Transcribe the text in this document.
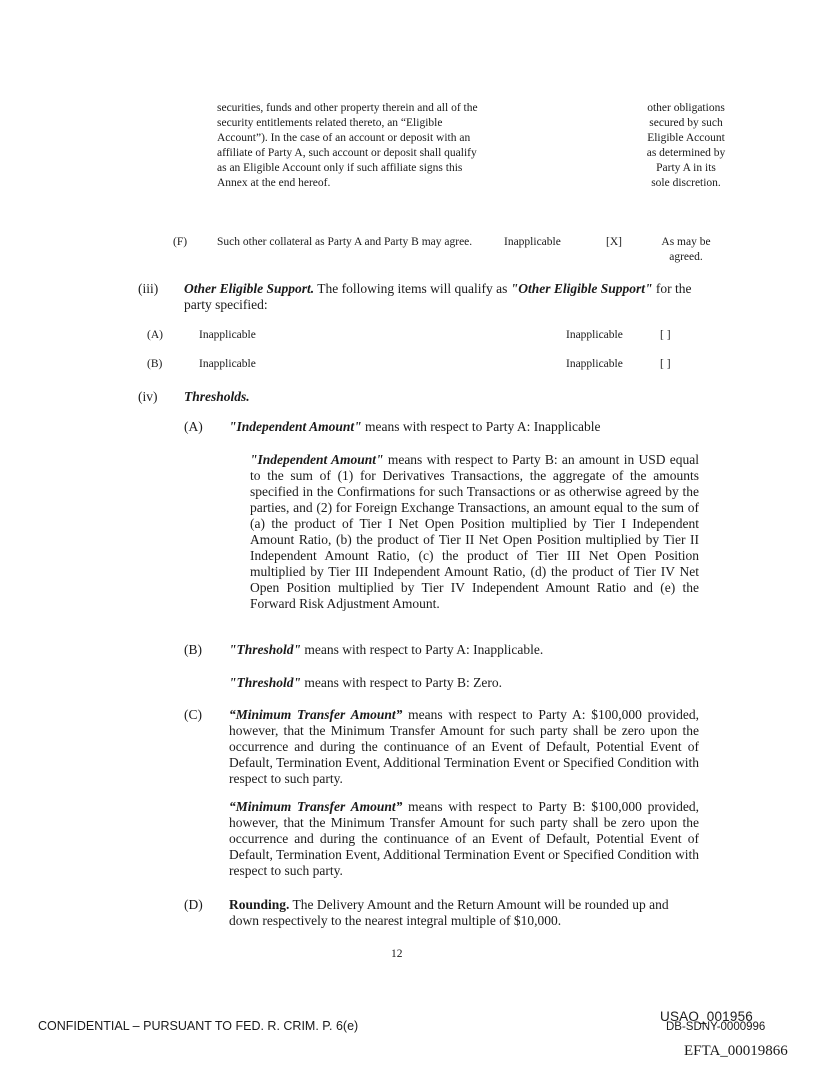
securities, funds and other property therein and all of the security entitlements related thereto, an “Eligible Account”). In the case of an account or deposit with an affiliate of Party A, such account or deposit shall qualify as an Eligible Account only if such affiliate signs this Annex at the end hereof.
other obligations secured by such Eligible Account as determined by Party A in its sole discretion.
(F)	Such other collateral as Party A and Party B may agree.	Inapplicable	[X]	As may be agreed.
(iii) Other Eligible Support. The following items will qualify as "Other Eligible Support" for the party specified:
(A)	Inapplicable	Inapplicable	[ ]
(B)	Inapplicable	Inapplicable	[ ]
(iv) Thresholds.
(A) "Independent Amount" means with respect to Party A: Inapplicable
"Independent Amount" means with respect to Party B: an amount in USD equal to the sum of (1) for Derivatives Transactions, the aggregate of the amounts specified in the Confirmations for such Transactions or as otherwise agreed by the parties, and (2) for Foreign Exchange Transactions, an amount equal to the sum of (a) the product of Tier I Net Open Position multiplied by Tier I Independent Amount Ratio, (b) the product of Tier II Net Open Position multiplied by Tier II Independent Amount Ratio, (c) the product of Tier III Net Open Position multiplied by Tier III Independent Amount Ratio, (d) the product of Tier IV Net Open Position multiplied by Tier IV Independent Amount Ratio and (e) the Forward Risk Adjustment Amount.
(B) "Threshold" means with respect to Party A: Inapplicable.
"Threshold" means with respect to Party B: Zero.
(C) “Minimum Transfer Amount” means with respect to Party A: $100,000 provided, however, that the Minimum Transfer Amount for such party shall be zero upon the occurrence and during the continuance of an Event of Default, Potential Event of Default, Termination Event, Additional Termination Event or Specified Condition with respect to such party.
“Minimum Transfer Amount” means with respect to Party B: $100,000 provided, however, that the Minimum Transfer Amount for such party shall be zero upon the occurrence and during the continuance of an Event of Default, Potential Event of Default, Termination Event, Additional Termination Event or Specified Condition with respect to such party.
(D) Rounding. The Delivery Amount and the Return Amount will be rounded up and down respectively to the nearest integral multiple of $10,000.
12
CONFIDENTIAL – PURSUANT TO FED. R. CRIM. P. 6(e)
USAO_001956
DB-SDNY-0000996
EFTA_00019866
